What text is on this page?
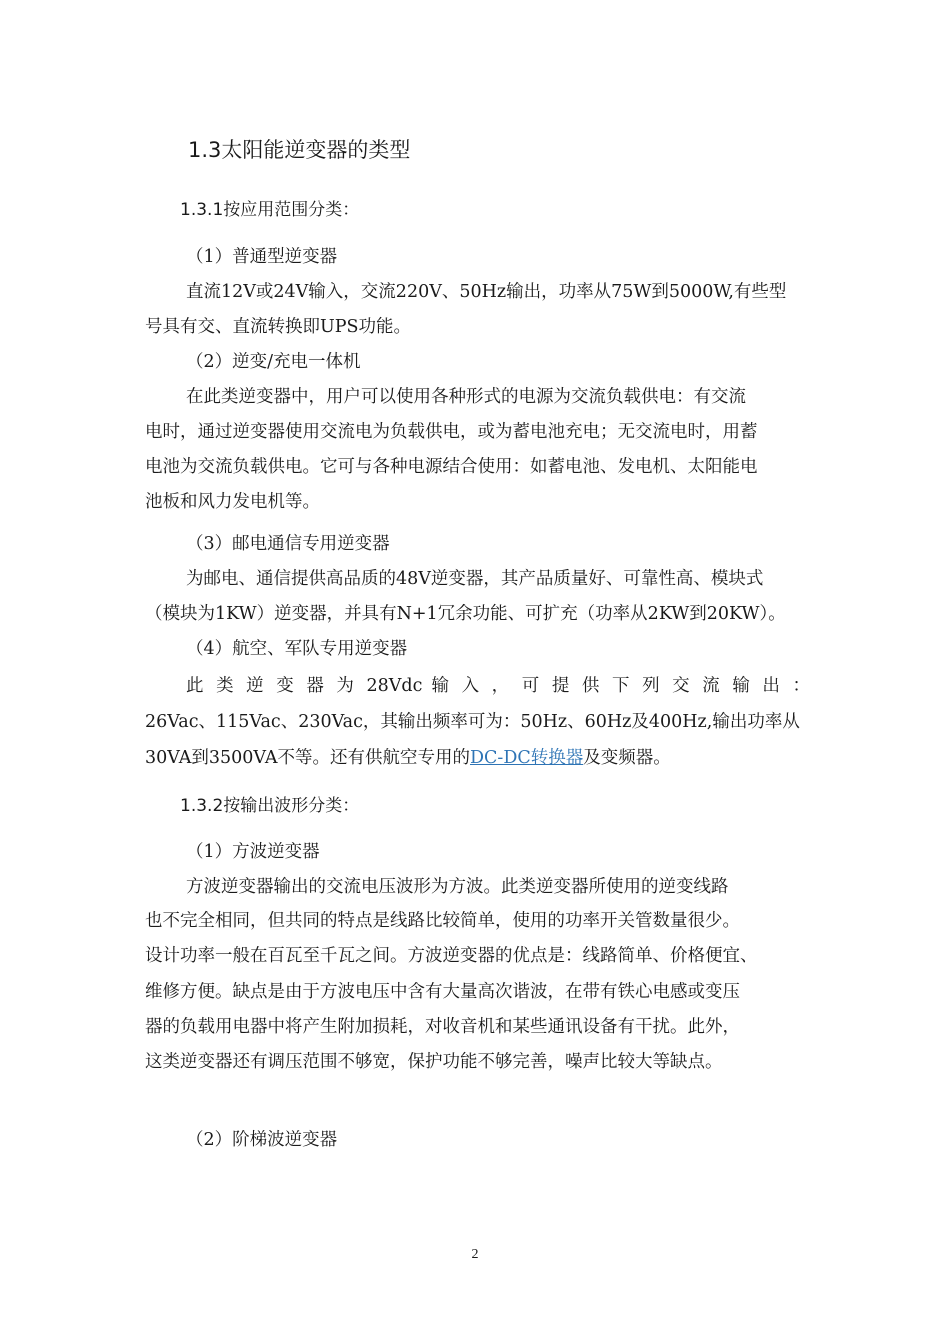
1.3太阳能逆变器的类型
1.3.1按应用范围分类：
（1）普通型逆变器
直流12V或24V输入，交流220V、50Hz输出，功率从75W到5000W,有些型
号具有交、直流转换即UPS功能。
（2）逆变/充电一体机
在此类逆变器中，用户可以使用各种形式的电源为交流负载供电：有交流
电时，通过逆变器使用交流电为负载供电，或为蓄电池充电；无交流电时，用蓄
电池为交流负载供电。它可与各种电源结合使用：如蓄电池、发电机、太阳能电
池板和风力发电机等。
（3）邮电通信专用逆变器
为邮电、通信提供高品质的48V逆变器，其产品质量好、可靠性高、模块式
（模块为1KW）逆变器，并具有N+1冗余功能、可扩充（功率从2KW到20KW）。
（4）航空、军队专用逆变器
此 类 逆 变 器 为 28Vdc 输 入 ， 可 提 供 下 列 交 流 输 出 ：
26Vac、115Vac、230Vac，其输出频率可为：50Hz、60Hz及400Hz,输出功率从
30VA到3500VA不等。还有供航空专用的DC-DC转换器及变频器。
1.3.2按输出波形分类：
（1）方波逆变器
方波逆变器输出的交流电压波形为方波。此类逆变器所使用的逆变线路
也不完全相同，但共同的特点是线路比较简单，使用的功率开关管数量很少。
设计功率一般在百瓦至千瓦之间。方波逆变器的优点是：线路简单、价格便宜、
维修方便。缺点是由于方波电压中含有大量高次谐波，在带有铁心电感或变压
器的负载用电器中将产生附加损耗，对收音机和某些通讯设备有干扰。此外，
这类逆变器还有调压范围不够宽，保护功能不够完善，噪声比较大等缺点。
（2）阶梯波逆变器
2
